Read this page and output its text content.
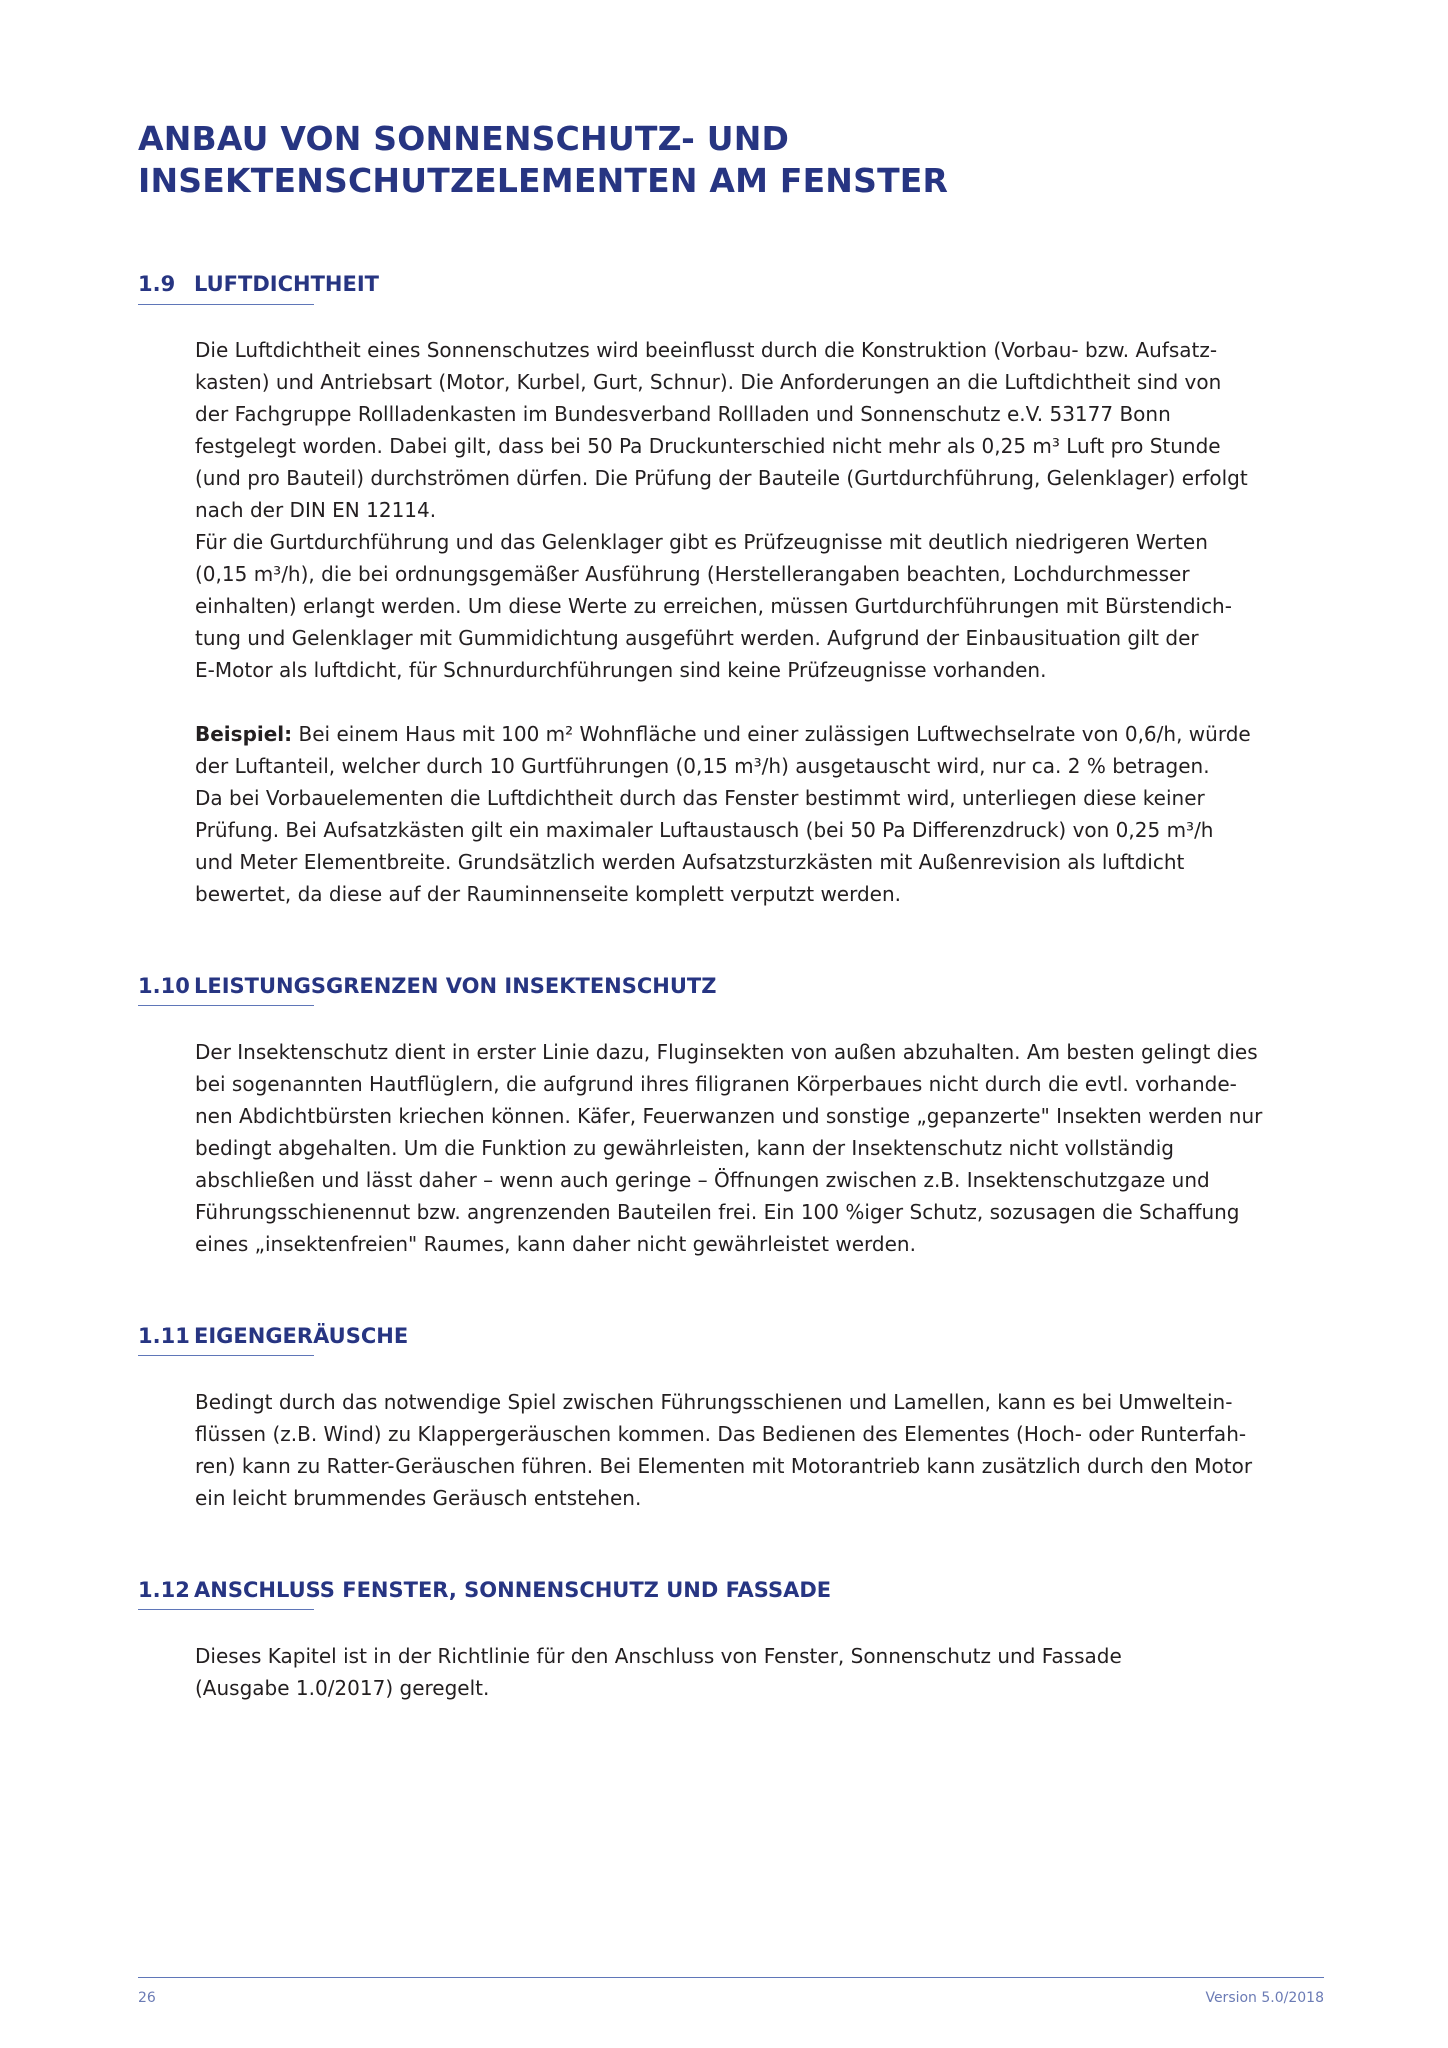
ANBAU VON SONNENSCHUTZ- UND
INSEKTENSCHUTZELEMENTEN AM FENSTER
1.9 LUFTDICHTHEIT
Die Luftdichtheit eines Sonnenschutzes wird beeinflusst durch die Konstruktion (Vorbau- bzw. Aufsatz-
kasten) und Antriebsart (Motor, Kurbel, Gurt, Schnur). Die Anforderungen an die Luftdichtheit sind von
der Fachgruppe Rollladenkasten im Bundesverband Rollladen und Sonnenschutz e.V. 53177 Bonn
festgelegt worden. Dabei gilt, dass bei 50 Pa Druckunterschied nicht mehr als 0,25 m³ Luft pro Stunde
(und pro Bauteil) durchströmen dürfen. Die Prüfung der Bauteile (Gurtdurchführung, Gelenklager) erfolgt
nach der DIN EN 12114.
Für die Gurtdurchführung und das Gelenklager gibt es Prüfzeugnisse mit deutlich niedrigeren Werten
(0,15 m³/h), die bei ordnungsgemäßer Ausführung (Herstellerangaben beachten, Lochdurchmesser
einhalten) erlangt werden. Um diese Werte zu erreichen, müssen Gurtdurchführungen mit Bürstendich-
tung und Gelenklager mit Gummidichtung ausgeführt werden. Aufgrund der Einbausituation gilt der
E-Motor als luftdicht, für Schnurdurchführungen sind keine Prüfzeugnisse vorhanden.
Beispiel: Bei einem Haus mit 100 m² Wohnfläche und einer zulässigen Luftwechselrate von 0,6/h, würde
der Luftanteil, welcher durch 10 Gurtführungen (0,15 m³/h) ausgetauscht wird, nur ca. 2 % betragen.
Da bei Vorbauelementen die Luftdichtheit durch das Fenster bestimmt wird, unterliegen diese keiner
Prüfung. Bei Aufsatzkästen gilt ein maximaler Luftaustausch (bei 50 Pa Differenzdruck) von 0,25 m³/h
und Meter Elementbreite. Grundsätzlich werden Aufsatzsturzkästen mit Außenrevision als luftdicht
bewertet, da diese auf der Rauminnenseite komplett verputzt werden.
1.10 LEISTUNGSGRENZEN VON INSEKTENSCHUTZ
Der Insektenschutz dient in erster Linie dazu, Fluginsekten von außen abzuhalten. Am besten gelingt dies
bei sogenannten Hautflüglern, die aufgrund ihres filigranen Körperbaues nicht durch die evtl. vorhande-
nen Abdichtbürsten kriechen können. Käfer, Feuerwanzen und sonstige „gepanzerte" Insekten werden nur
bedingt abgehalten. Um die Funktion zu gewährleisten, kann der Insektenschutz nicht vollständig
abschließen und lässt daher – wenn auch geringe – Öffnungen zwischen z.B. Insektenschutzgaze und
Führungsschienennut bzw. angrenzenden Bauteilen frei. Ein 100 %iger Schutz, sozusagen die Schaffung
eines „insektenfreien" Raumes, kann daher nicht gewährleistet werden.
1.11 EIGENGERÄUSCHE
Bedingt durch das notwendige Spiel zwischen Führungsschienen und Lamellen, kann es bei Umweltein-
flüssen (z.B. Wind) zu Klappergeräuschen kommen. Das Bedienen des Elementes (Hoch- oder Runterfah-
ren) kann zu Ratter-Geräuschen führen. Bei Elementen mit Motorantrieb kann zusätzlich durch den Motor
ein leicht brummendes Geräusch entstehen.
1.12 ANSCHLUSS FENSTER, SONNENSCHUTZ UND FASSADE
Dieses Kapitel ist in der Richtlinie für den Anschluss von Fenster, Sonnenschutz und Fassade
(Ausgabe 1.0/2017) geregelt.
26	Version 5.0/2018
